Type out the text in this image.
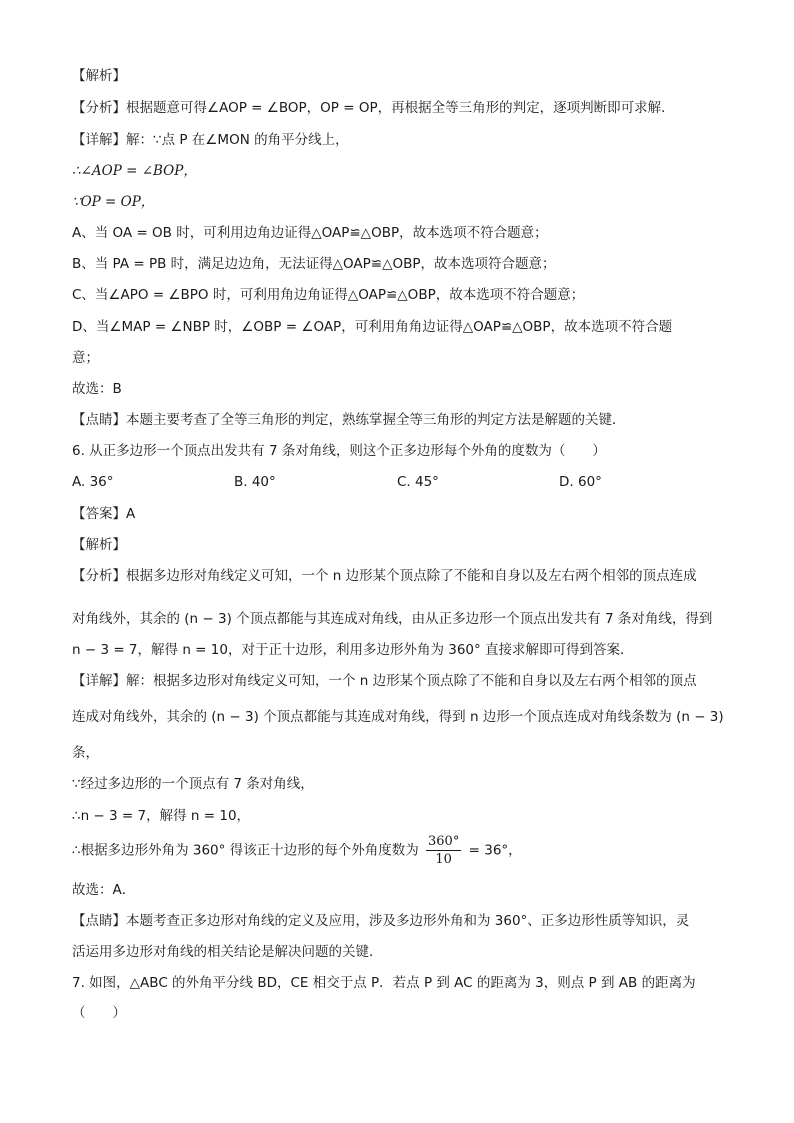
【解析】
【分析】根据题意可得∠AOP = ∠BOP，OP = OP，再根据全等三角形的判定，逐项判断即可求解．
【详解】解：∵点 P 在∠MON 的角平分线上，
∴∠AOP = ∠BOP，
∵OP = OP，
A、当 OA = OB 时，可利用边角边证得△OAP≌△OBP，故本选项不符合题意；
B、当 PA = PB 时，满足边边角，无法证得△OAP≌△OBP，故本选项符合题意；
C、当∠APO = ∠BPO 时，可利用角边角证得△OAP≌△OBP，故本选项不符合题意；
D、当∠MAP = ∠NBP 时，∠OBP = ∠OAP，可利用角角边证得△OAP≌△OBP，故本选项不符合题
意；
故选：B
【点睛】本题主要考查了全等三角形的判定，熟练掌握全等三角形的判定方法是解题的关键．
6. 从正多边形一个顶点出发共有 7 条对角线，则这个正多边形每个外角的度数为（　　）
A. 36°	B. 40°	C. 45°	D. 60°
【答案】A
【解析】
【分析】根据多边形对角线定义可知，一个 n 边形某个顶点除了不能和自身以及左右两个相邻的顶点连成
对角线外，其余的 (n − 3) 个顶点都能与其连成对角线，由从正多边形一个顶点出发共有 7 条对角线，得到
n − 3 = 7，解得 n = 10，对于正十边形，利用多边形外角为 360° 直接求解即可得到答案．
【详解】解：根据多边形对角线定义可知，一个 n 边形某个顶点除了不能和自身以及左右两个相邻的顶点
连成对角线外，其余的 (n − 3) 个顶点都能与其连成对角线，得到 n 边形一个顶点连成对角线条数为 (n − 3)
条，
∵经过多边形的一个顶点有 7 条对角线，
∴n − 3 = 7，解得 n = 10，
∴根据多边形外角为 360° 得该正十边形的每个外角度数为 $\frac{360^\circ}{10} = 36^\circ$，
故选：A．
【点睛】本题考查正多边形对角线的定义及应用，涉及多边形外角和为 360°、正多边形性质等知识，灵
活运用多边形对角线的相关结论是解决问题的关键．
7. 如图，△ABC 的外角平分线 BD，CE 相交于点 P．若点 P 到 AC 的距离为 3，则点 P 到 AB 的距离为
（　　）
